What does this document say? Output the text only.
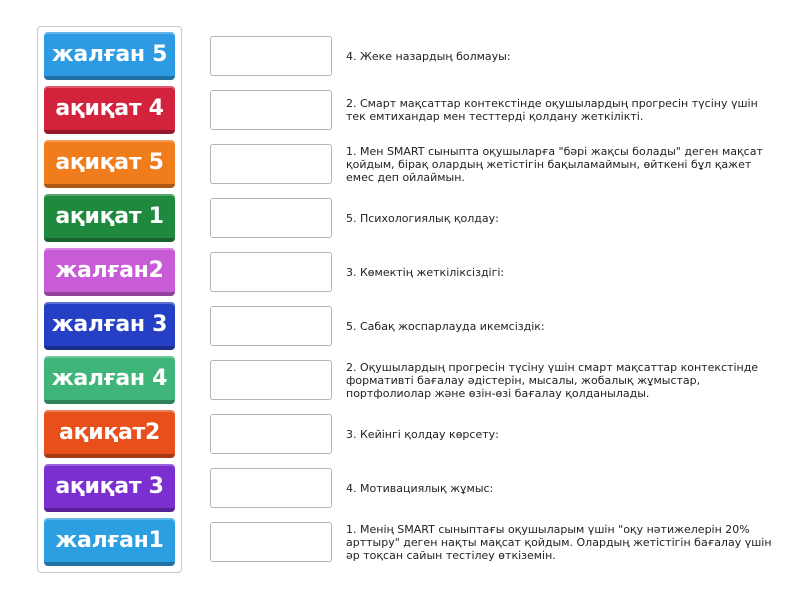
жалған 5
ақиқат 4
ақиқат 5
ақиқат 1
жалған2
жалған 3
жалған 4
ақиқат2
ақиқат 3
жалған1
4. Жеке назардың болмауы:
2. Смарт мақсаттар контекстінде оқушылардың прогресін түсіну үшін тек емтихандар мен тесттерді қолдану жеткілікті.
1. Мен SMART сыныпта оқушыларға "бәрі жақсы болады" деген мақсат қойдым, бірақ олардың жетістігін бақыламаймын, өйткені бұл қажет емес деп ойлаймын.
5. Психологиялық қолдау:
3. Көмектің жеткіліксіздігі:
5. Сабақ жоспарлауда икемсіздік:
2. Оқушылардың прогресін түсіну үшін смарт мақсаттар контекстінде формативті бағалау әдістерін, мысалы, жобалық жұмыстар, портфолиолар және өзін-өзі бағалау қолданылады.
3. Кейінгі қолдау көрсету:
4. Мотивациялық жұмыс:
1. Менің SMART сыныптағы оқушыларым үшін "оқу нәтижелерін 20% арттыру" деген нақты мақсат қойдым. Олардың жетістігін бағалау үшін әр тоқсан сайын тестілеу өткіземін.
